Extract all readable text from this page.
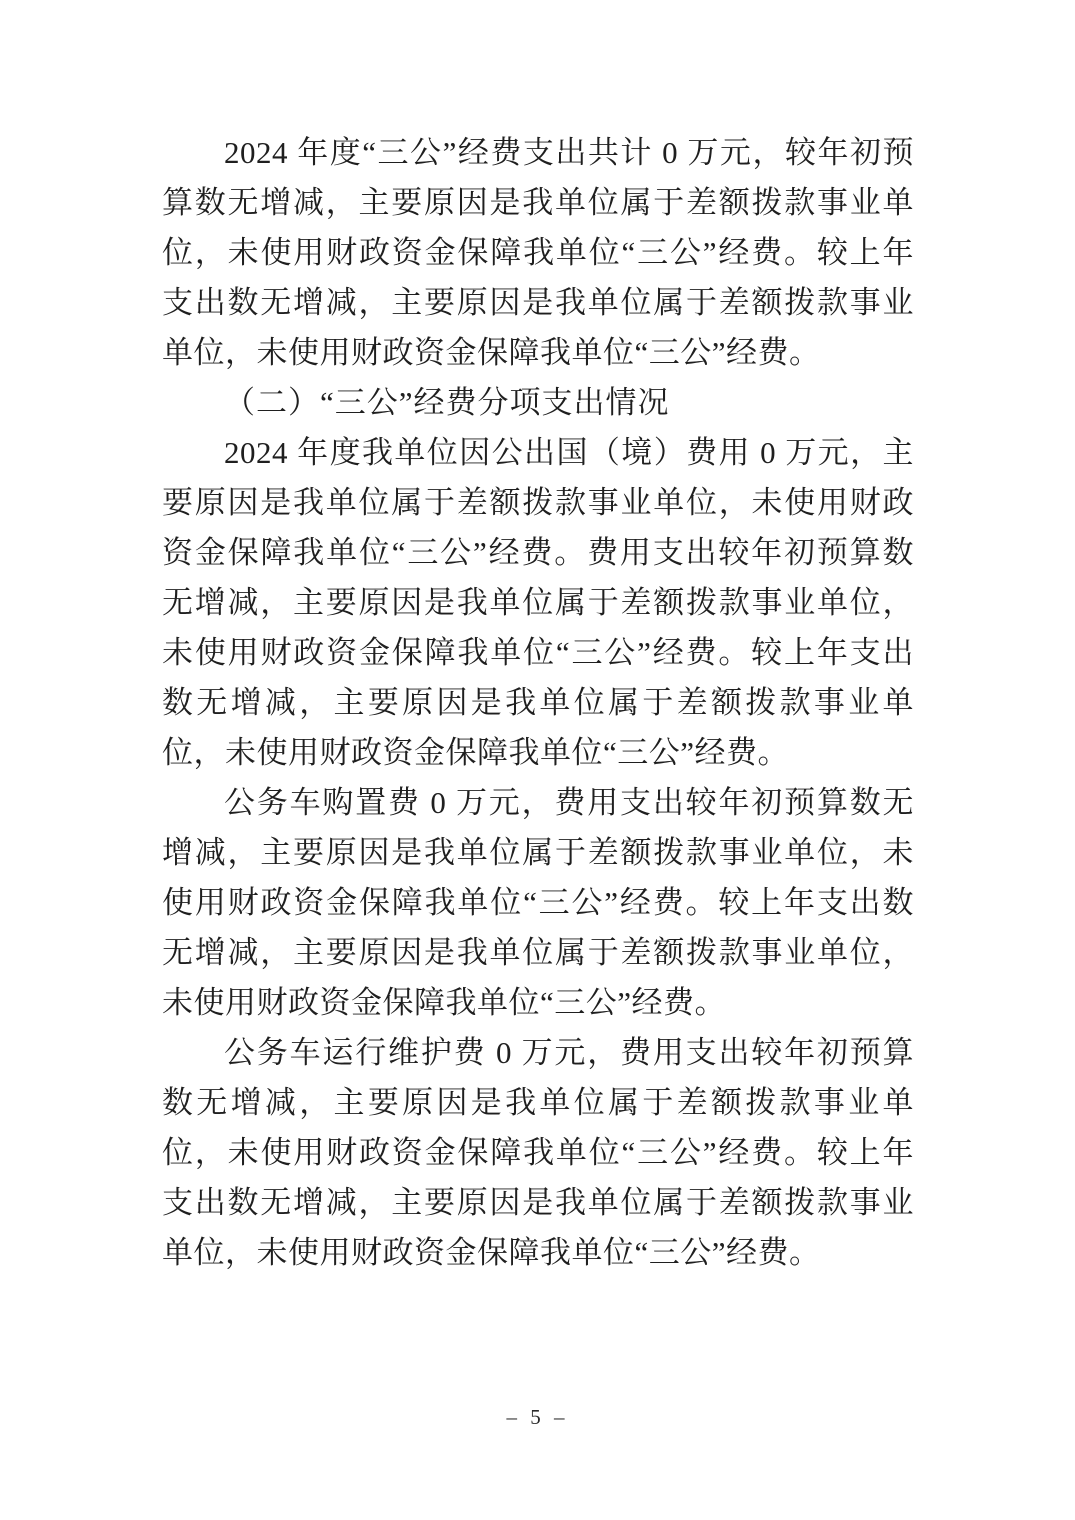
2024 年度“三公”经费支出共计 0 万元，较年初预算数无增减，主要原因是我单位属于差额拨款事业单位，未使用财政资金保障我单位“三公”经费。较上年支出数无增减，主要原因是我单位属于差额拨款事业单位，未使用财政资金保障我单位“三公”经费。

（二）“三公”经费分项支出情况

2024 年度我单位因公出国（境）费用 0 万元，主要原因是我单位属于差额拨款事业单位，未使用财政资金保障我单位“三公”经费。费用支出较年初预算数无增减，主要原因是我单位属于差额拨款事业单位，未使用财政资金保障我单位“三公”经费。较上年支出数无增减，主要原因是我单位属于差额拨款事业单位，未使用财政资金保障我单位“三公”经费。

公务车购置费 0 万元，费用支出较年初预算数无增减，主要原因是我单位属于差额拨款事业单位，未使用财政资金保障我单位“三公”经费。较上年支出数无增减，主要原因是我单位属于差额拨款事业单位，未使用财政资金保障我单位“三公”经费。

公务车运行维护费 0 万元，费用支出较年初预算数无增减，主要原因是我单位属于差额拨款事业单位，未使用财政资金保障我单位“三公”经费。较上年支出数无增减，主要原因是我单位属于差额拨款事业单位，未使用财政资金保障我单位“三公”经费。

– 5 –
